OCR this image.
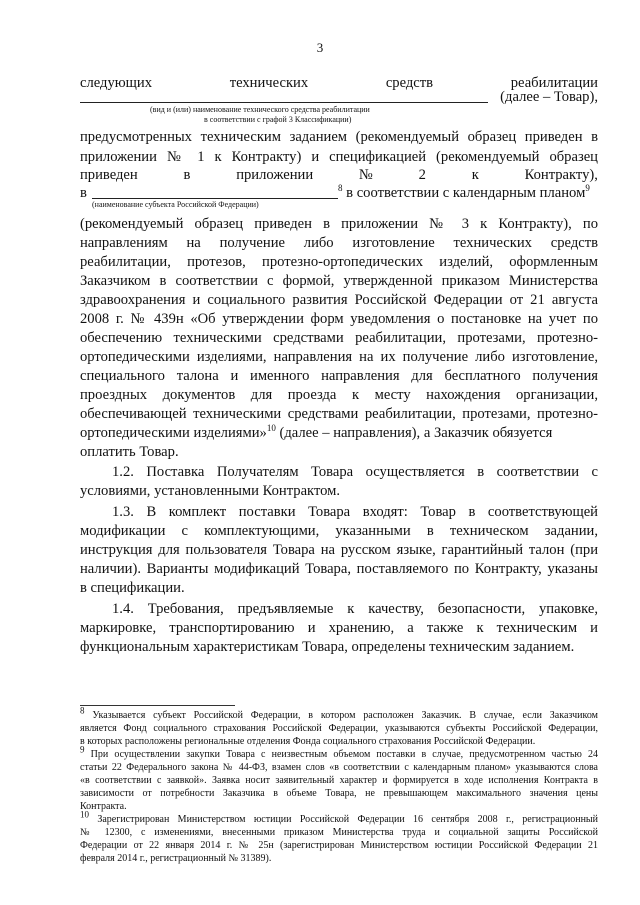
3
следующих	технических	средств	реабилитации
(далее – Товар),
(вид и (или) наименование технического средства реабилитации
в соответствии с графой 3 Классификации)
предусмотренных техническим заданием (рекомендуемый образец приведен в
приложении № 1 к Контракту) и спецификацией (рекомендуемый образец
приведен	в	приложении	№	2	к	Контракту),
в	$^8$ в соответствии с календарным планом$^9$
(наименование субъекта Российской Федерации)
(рекомендуемый образец приведен в приложении № 3 к Контракту), по
направлениям на получение либо изготовление технических средств
реабилитации, протезов, протезно-ортопедических изделий, оформленным
Заказчиком в соответствии с формой, утвержденной приказом Министерства
здравоохранения и социального развития Российской Федерации от 21 августа
2008 г. № 439н «Об утверждении форм уведомления о постановке на учет по
обеспечению техническими средствами реабилитации, протезами, протезно-
ортопедическими изделиями, направления на их получение либо изготовление,
специального талона и именного направления для бесплатного получения
проездных документов для проезда к месту нахождения организации,
обеспечивающей техническими средствами реабилитации, протезами, протезно-
ортопедическими изделиями»$^{10}$ (далее – направления), а Заказчик обязуется
оплатить Товар.
1.2. Поставка Получателям Товара осуществляется в соответствии с
условиями, установленными Контрактом.
1.3. В комплект поставки Товара входят: Товар в соответствующей
модификации с комплектующими, указанными в техническом задании,
инструкция для пользователя Товара на русском языке, гарантийный талон (при
наличии). Варианты модификаций Товара, поставляемого по Контракту, указаны
в спецификации.
1.4. Требования, предъявляемые к качеству, безопасности, упаковке,
маркировке, транспортированию и хранению, а также к техническим и
функциональным характеристикам Товара, определены техническим заданием.
$^8$ Указывается субъект Российской Федерации, в котором расположен Заказчик. В случае, если Заказчиком
является Фонд социального страхования Российской Федерации, указываются субъекты Российской Федерации,
в которых расположены региональные отделения Фонда социального страхования Российской Федерации.
$^9$ При осуществлении закупки Товара с неизвестным объемом поставки в случае, предусмотренном частью 24
статьи 22 Федерального закона № 44-ФЗ, взамен слов «в соответствии с календарным планом» указываются слова
«в соответствии с заявкой». Заявка носит заявительный характер и формируется в ходе исполнения Контракта в
зависимости от потребности Заказчика в объеме Товара, не превышающем максимального значения цены
Контракта.
$^{10}$ Зарегистрирован Министерством юстиции Российской Федерации 16 сентября 2008 г., регистрационный
№ 12300, с изменениями, внесенными приказом Министерства труда и социальной защиты Российской
Федерации от 22 января 2014 г. № 25н (зарегистрирован Министерством юстиции Российской Федерации 21
февраля 2014 г., регистрационный № 31389).
